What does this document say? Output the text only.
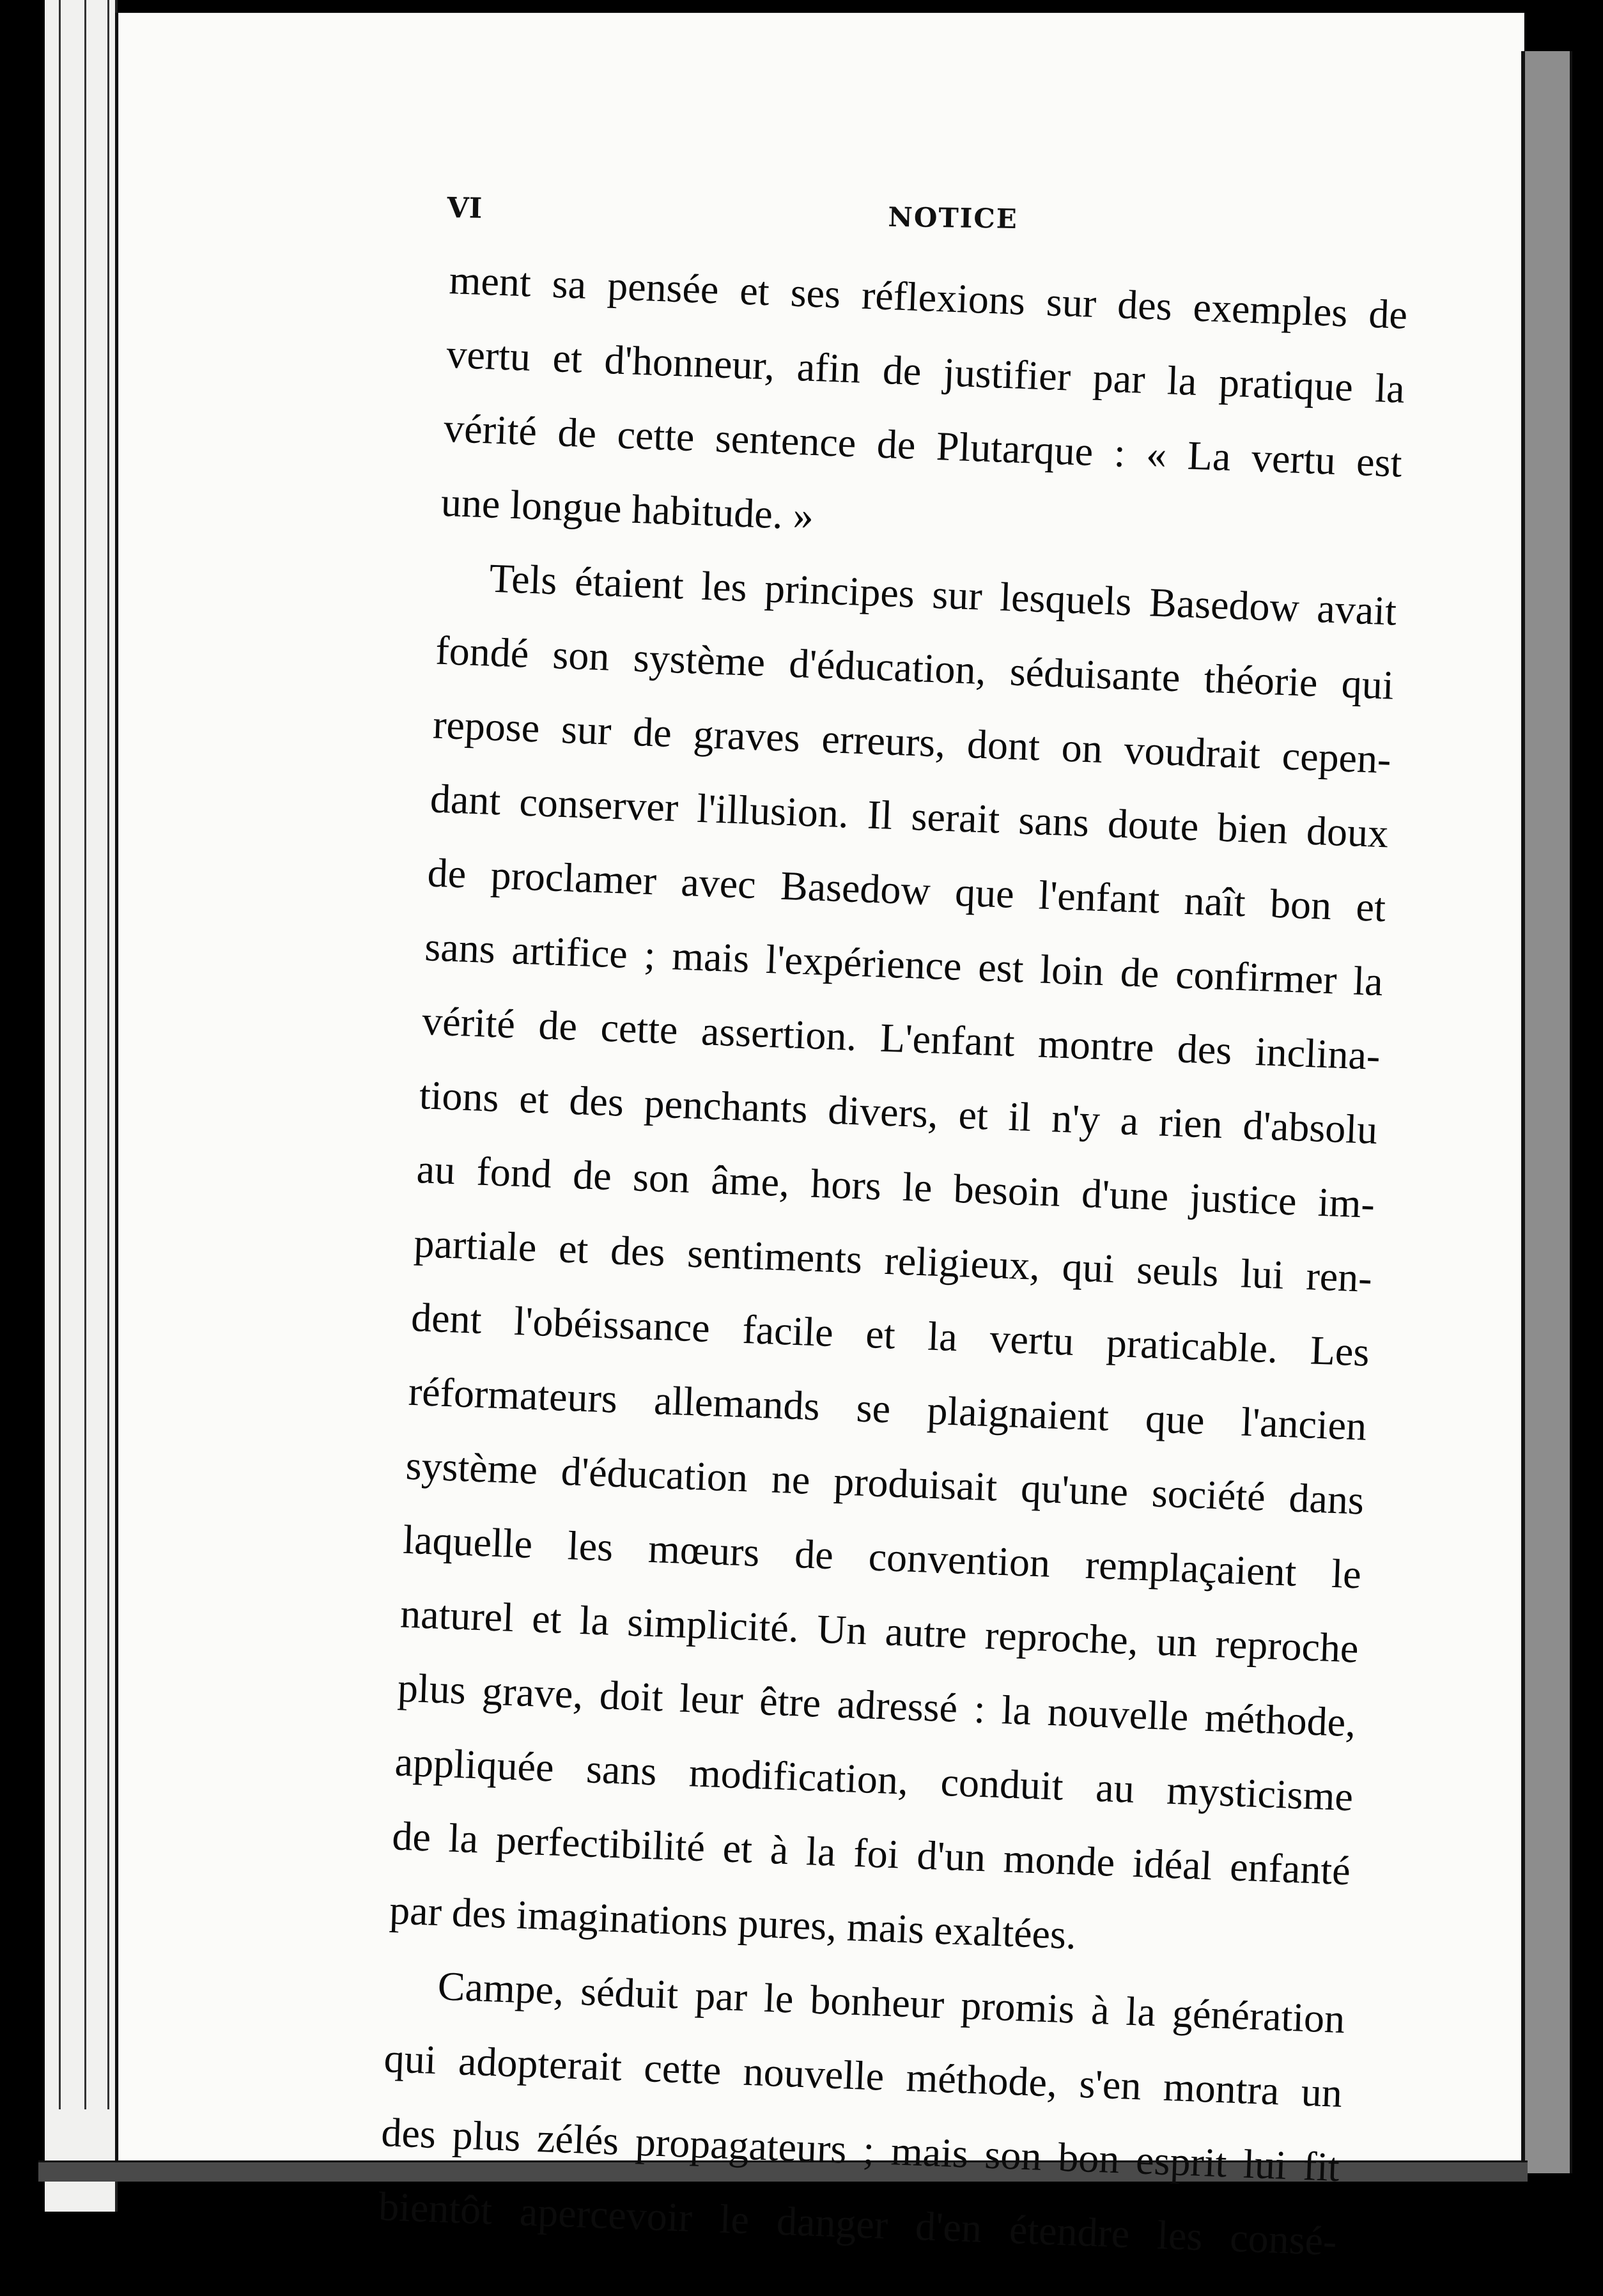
VI	NOTICE
ment sa pensée et ses réflexions sur des exemples de
vertu et d'honneur, afin de justifier par la pratique la
vérité de cette sentence de Plutarque : « La vertu est
une longue habitude. »
Tels étaient les principes sur lesquels Basedow avait
fondé son système d'éducation, séduisante théorie qui
repose sur de graves erreurs, dont on voudrait cepen-
dant conserver l'illusion. Il serait sans doute bien doux
de proclamer avec Basedow que l'enfant naît bon et
sans artifice ; mais l'expérience est loin de confirmer la
vérité de cette assertion. L'enfant montre des inclina-
tions et des penchants divers, et il n'y a rien d'absolu
au fond de son âme, hors le besoin d'une justice im-
partiale et des sentiments religieux, qui seuls lui ren-
dent l'obéissance facile et la vertu praticable. Les
réformateurs allemands se plaignaient que l'ancien
système d'éducation ne produisait qu'une société dans
laquelle les mœurs de convention remplaçaient le
naturel et la simplicité. Un autre reproche, un reproche
plus grave, doit leur être adressé : la nouvelle méthode,
appliquée sans modification, conduit au mysticisme
de la perfectibilité et à la foi d'un monde idéal enfanté
par des imaginations pures, mais exaltées.
Campe, séduit par le bonheur promis à la génération
qui adopterait cette nouvelle méthode, s'en montra un
des plus zélés propagateurs ; mais son bon esprit lui fit
bientôt apercevoir le danger d'en étendre les consé-
